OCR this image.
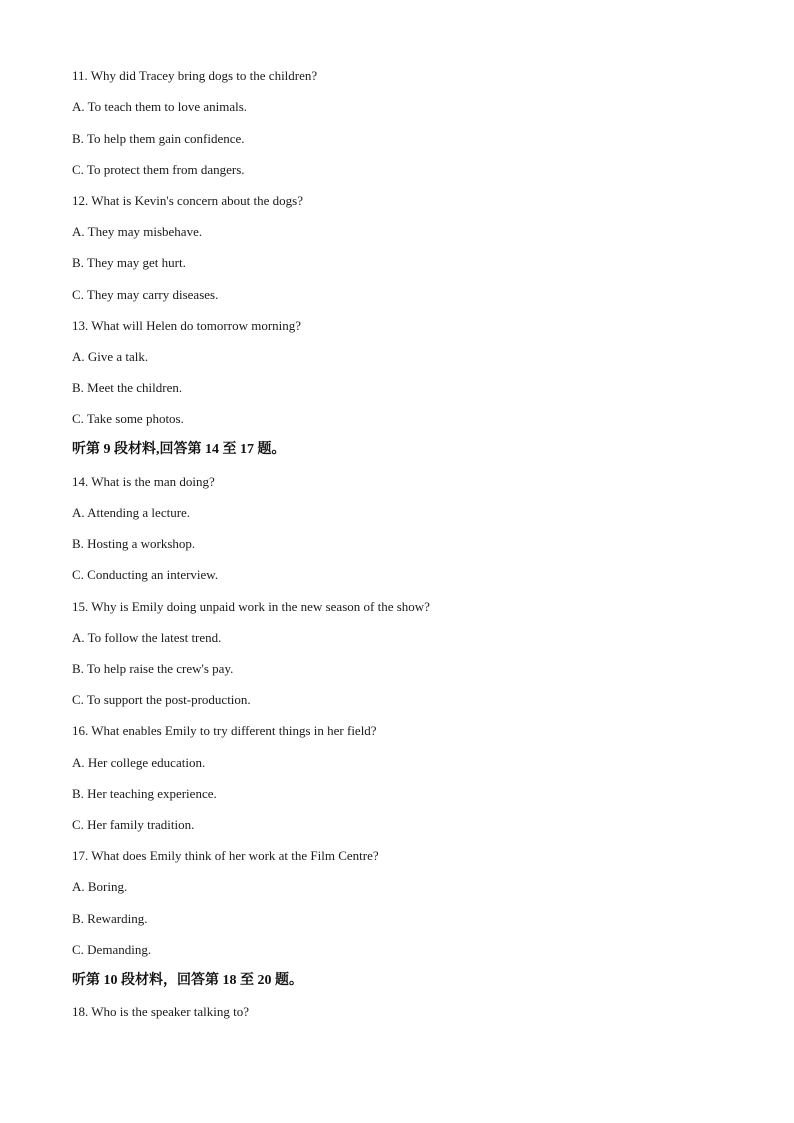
11. Why did Tracey bring dogs to the children?
A. To teach them to love animals.
B. To help them gain confidence.
C. To protect them from dangers.
12. What is Kevin's concern about the dogs?
A. They may misbehave.
B. They may get hurt.
C. They may carry diseases.
13. What will Helen do tomorrow morning?
A. Give a talk.
B. Meet the children.
C. Take some photos.
听第 9 段材料,回答第 14 至 17 题。
14. What is the man doing?
A. Attending a lecture.
B. Hosting a workshop.
C. Conducting an interview.
15. Why is Emily doing unpaid work in the new season of the show?
A. To follow the latest trend.
B. To help raise the crew's pay.
C. To support the post-production.
16. What enables Emily to try different things in her field?
A. Her college education.
B. Her teaching experience.
C. Her family tradition.
17. What does Emily think of her work at the Film Centre?
A. Boring.
B. Rewarding.
C. Demanding.
听第 10 段材料，回答第 18 至 20 题。
18. Who is the speaker talking to?
